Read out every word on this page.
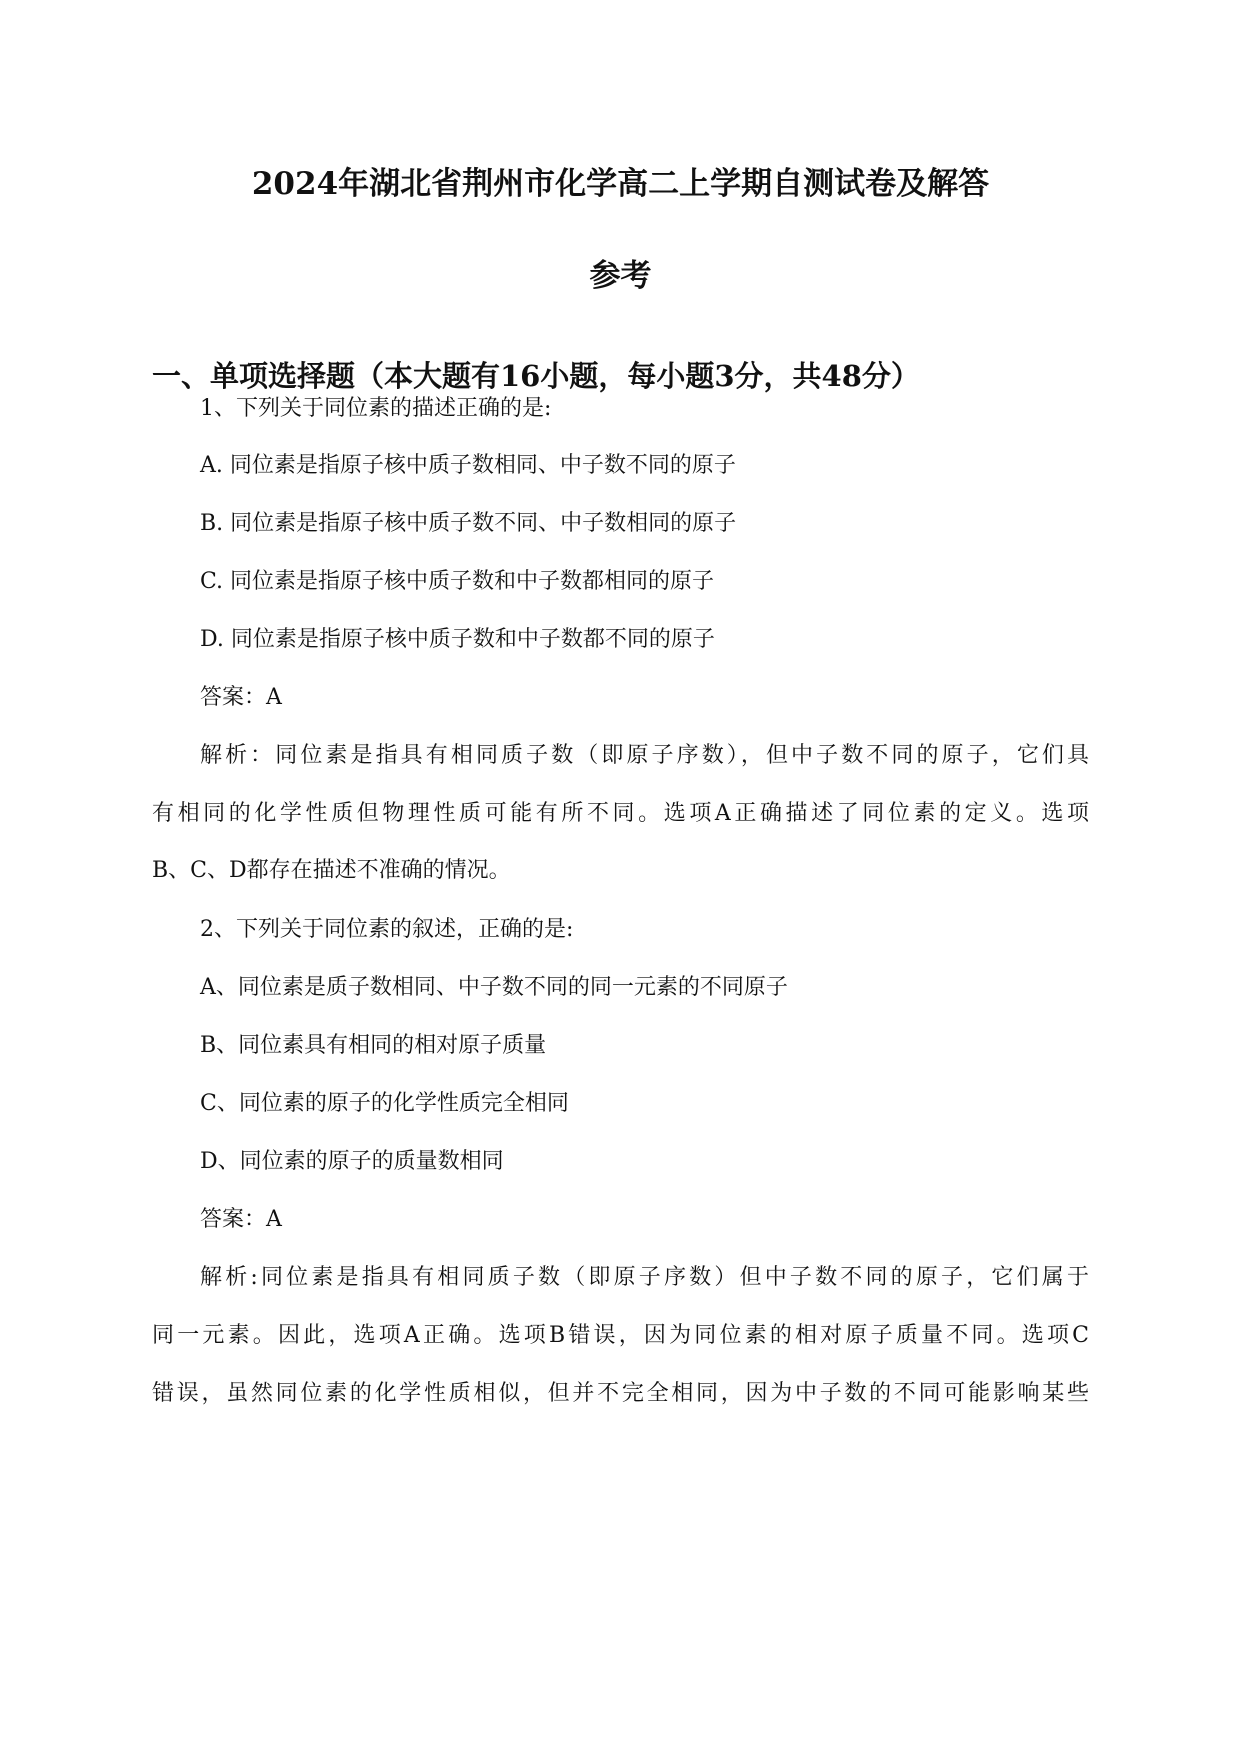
2024年湖北省荆州市化学高二上学期自测试卷及解答
参考
一、单项选择题（本大题有16小题，每小题3分，共48分）
1、下列关于同位素的描述正确的是:
A. 同位素是指原子核中质子数相同、中子数不同的原子
B. 同位素是指原子核中质子数不同、中子数相同的原子
C. 同位素是指原子核中质子数和中子数都相同的原子
D. 同位素是指原子核中质子数和中子数都不同的原子
答案：A
解析：同位素是指具有相同质子数（即原子序数），但中子数不同的原子，它们具
有相同的化学性质但物理性质可能有所不同。选项A正确描述了同位素的定义。选项
B、C、D都存在描述不准确的情况。
2、下列关于同位素的叙述，正确的是:
A、同位素是质子数相同、中子数不同的同一元素的不同原子
B、同位素具有相同的相对原子质量
C、同位素的原子的化学性质完全相同
D、同位素的原子的质量数相同
答案：A
解析:同位素是指具有相同质子数（即原子序数）但中子数不同的原子，它们属于
同一元素。因此，选项A正确。选项B错误，因为同位素的相对原子质量不同。选项C
错误，虽然同位素的化学性质相似，但并不完全相同，因为中子数的不同可能影响某些
